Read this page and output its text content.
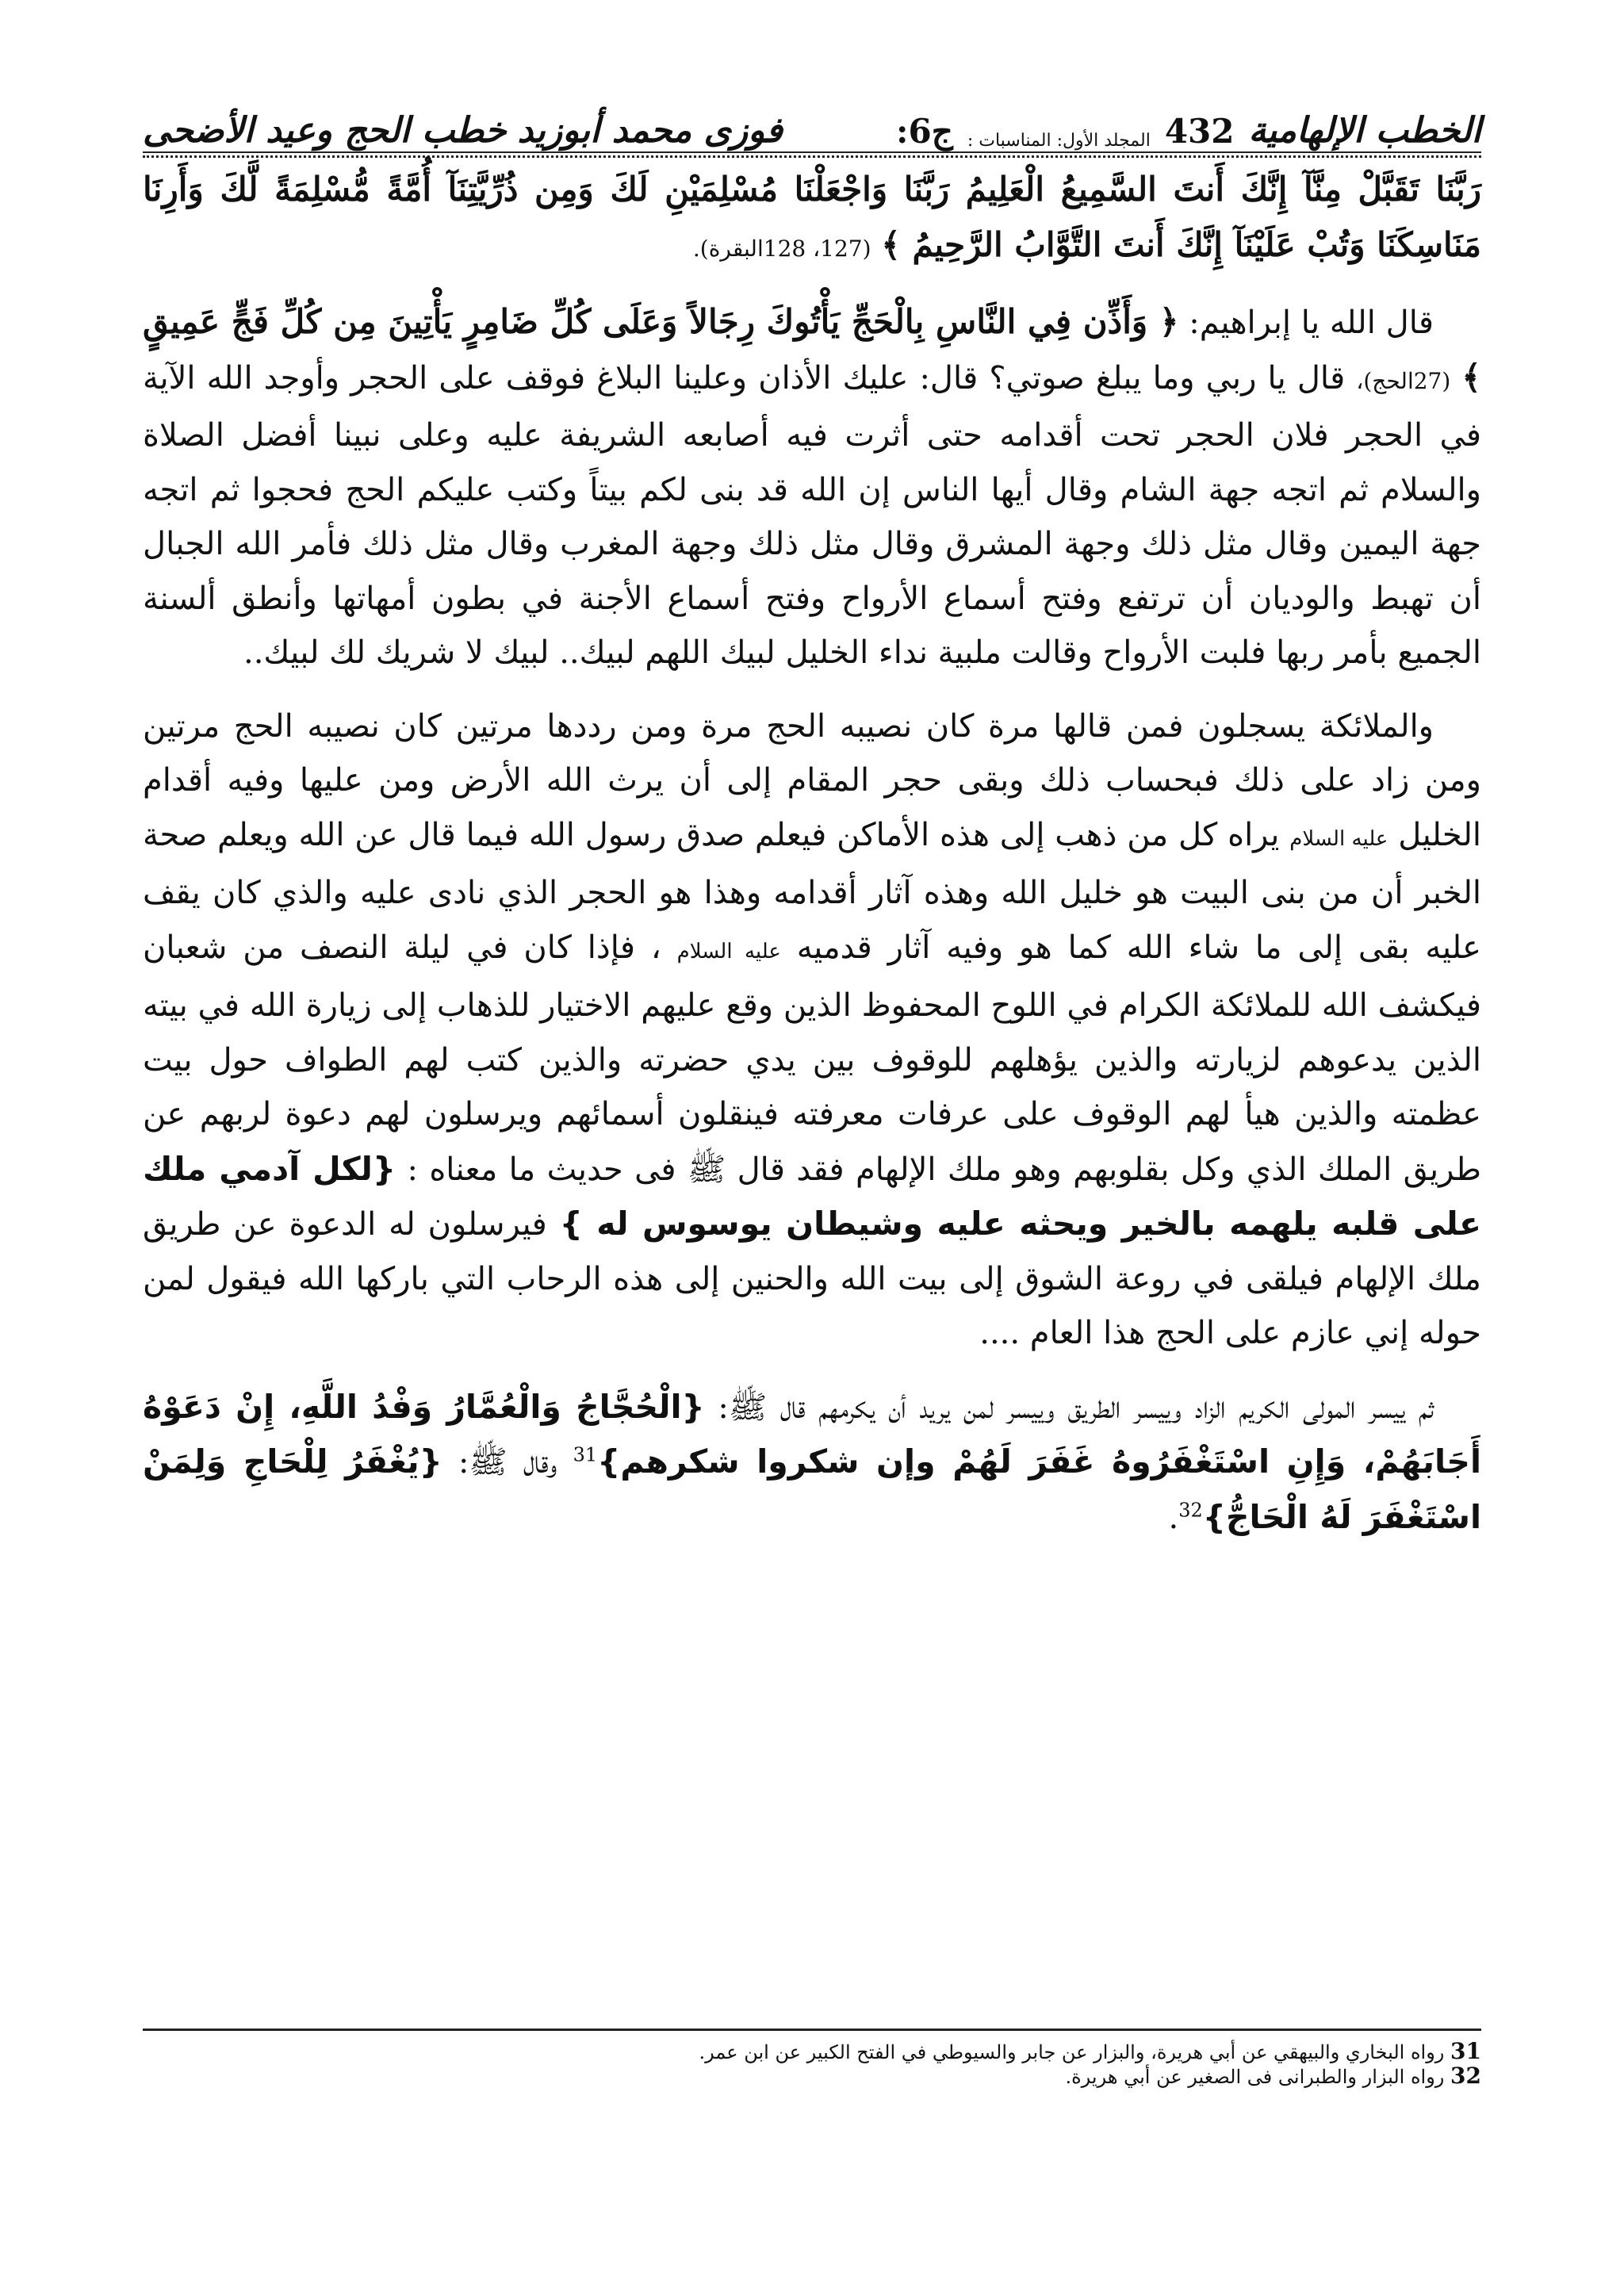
فوزى محمد أبوزيد
خطب الحج وعيد الأضحى	الخطب الإلهامية
432
المجلد الأول: المناسبات :
ج6:

رَبَّنَا تَقَبَّلْ مِنَّآ إِنَّكَ أَنتَ السَّمِيعُ الْعَلِيمُ رَبَّنَا وَاجْعَلْنَا مُسْلِمَيْنِ لَكَ وَمِن ذُرِّيَّتِنَآ أُمَّةً مُّسْلِمَةً لَّكَ وَأَرِنَا مَنَاسِكَنَا وَتُبْ عَلَيْنَآ إِنَّكَ أَنتَ التَّوَّابُ الرَّحِيمُ ﴾ (127، 128البقرة).

قال الله يا إبراهيم: ﴿ وَأَذِّن فِي النَّاسِ بِالْحَجِّ يَأْتُوكَ رِجَالاً وَعَلَى كُلِّ ضَامِرٍ يَأْتِينَ مِن كُلِّ فَجٍّ عَمِيقٍ ﴾ (27الحج)، قال يا ربي وما يبلغ صوتي؟ قال: عليك الأذان وعلينا البلاغ فوقف على الحجر وأوجد الله الآية في الحجر فلان الحجر تحت أقدامه حتى أثرت فيه أصابعه الشريفة عليه وعلى نبينا أفضل الصلاة والسلام ثم اتجه جهة الشام وقال أيها الناس إن الله قد بنى لكم بيتاً وكتب عليكم الحج فحجوا ثم اتجه جهة اليمين وقال مثل ذلك وجهة المشرق وقال مثل ذلك وجهة المغرب وقال مثل ذلك فأمر الله الجبال أن تهبط والوديان أن ترتفع وفتح أسماع الأرواح وفتح أسماع الأجنة في بطون أمهاتها وأنطق ألسنة الجميع بأمر ربها فلبت الأرواح وقالت ملبية نداء الخليل لبيك اللهم لبيك.. لبيك لا شريك لك لبيك..

والملائكة يسجلون فمن قالها مرة كان نصيبه الحج مرة ومن رددها مرتين كان نصيبه الحج مرتين ومن زاد على ذلك فبحساب ذلك وبقى حجر المقام إلى أن يرث الله الأرض ومن عليها وفيه أقدام الخليل عليه السلام يراه كل من ذهب إلى هذه الأماكن فيعلم صدق رسول الله فيما قال عن الله ويعلم صحة الخبر أن من بنى البيت هو خليل الله وهذه آثار أقدامه وهذا هو الحجر الذي نادى عليه والذي كان يقف عليه بقى إلى ما شاء الله كما هو وفيه آثار قدميه عليه السلام ، فإذا كان في ليلة النصف من شعبان فيكشف الله للملائكة الكرام في اللوح المحفوظ الذين وقع عليهم الاختيار للذهاب إلى زيارة الله في بيته الذين يدعوهم لزيارته والذين يؤهلهم للوقوف بين يدي حضرته والذين كتب لهم الطواف حول بيت عظمته والذين هيأ لهم الوقوف على عرفات معرفته فينقلون أسمائهم ويرسلون لهم دعوة لربهم عن طريق الملك الذي وكل بقلوبهم وهو ملك الإلهام فقد قال ﷺ فى حديث ما معناه : {لكل آدمي ملك على قلبه يلهمه بالخير ويحثه عليه وشيطان يوسوس له } فيرسلون له الدعوة عن طريق ملك الإلهام فيلقى في روعة الشوق إلى بيت الله والحنين إلى هذه الرحاب التي باركها الله فيقول لمن حوله إني عازم على الحج هذا العام ....

ثم ييسر المولى الكريم الزاد وييسر الطريق وييسر لمن يريد أن يكرمهم قال ﷺ: {الْحُجَّاجُ وَالْعُمَّارُ وَفْدُ اللَّهِ، إِنْ دَعَوْهُ أَجَابَهُمْ، وَإِنِ اسْتَغْفَرُوهُ غَفَرَ لَهُمْ وإن شكروا شكرهم}$^{31}$ وقال ﷺ: {يُغْفَرُ لِلْحَاجِ وَلِمَنْ اسْتَغْفَرَ لَهُ الْحَاجُّ}$^{32}$.

31 رواه البخاري والبيهقي عن أبي هريرة، والبزار عن جابر والسيوطي في الفتح الكبير عن ابن عمر.
32 رواه البزار والطبرانى فى الصغير عن أبي هريرة.
